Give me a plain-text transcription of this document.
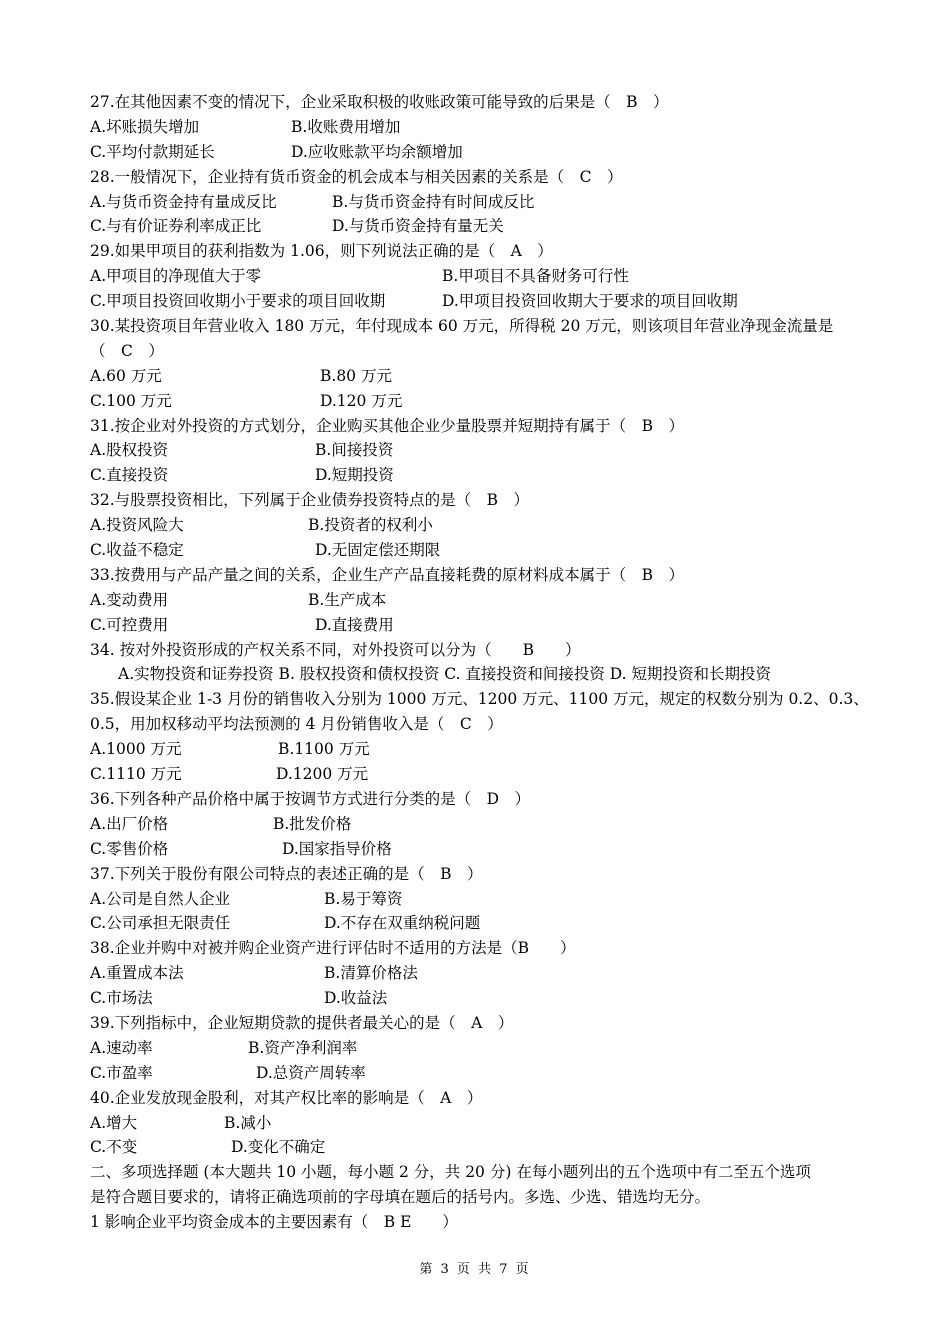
27.在其他因素不变的情况下，企业采取积极的收账政策可能导致的后果是（　B　）
A.坏账损失增加	B.收账费用增加
C.平均付款期延长	D.应收账款平均余额增加
28.一般情况下，企业持有货币资金的机会成本与相关因素的关系是（　C　）
A.与货币资金持有量成反比	B.与货币资金持有时间成反比
C.与有价证券利率成正比	D.与货币资金持有量无关
29.如果甲项目的获利指数为 1.06，则下列说法正确的是（　A　）
A.甲项目的净现值大于零	B.甲项目不具备财务可行性
C.甲项目投资回收期小于要求的项目回收期	D.甲项目投资回收期大于要求的项目回收期
30.某投资项目年营业收入 180 万元，年付现成本 60 万元，所得税 20 万元，则该项目年营业净现金流量是
（　C　）
A.60 万元	B.80 万元
C.100 万元	D.120 万元
31.按企业对外投资的方式划分，企业购买其他企业少量股票并短期持有属于（　B　）
A.股权投资	B.间接投资
C.直接投资	D.短期投资
32.与股票投资相比，下列属于企业债券投资特点的是（　B　）
A.投资风险大	B.投资者的权利小
C.收益不稳定	D.无固定偿还期限
33.按费用与产品产量之间的关系，企业生产产品直接耗费的原材料成本属于（　B　）
A.变动费用	B.生产成本
C.可控费用	D.直接费用
34. 按对外投资形成的产权关系不同，对外投资可以分为（　　B　　）
A.实物投资和证券投资 B. 股权投资和债权投资 C. 直接投资和间接投资 D. 短期投资和长期投资
35.假设某企业 1-3 月份的销售收入分别为 1000 万元、1200 万元、1100 万元，规定的权数分别为 0.2、0.3、
0.5，用加权移动平均法预测的 4 月份销售收入是（　C　）
A.1000 万元	B.1100 万元
C.1110 万元	D.1200 万元
36.下列各种产品价格中属于按调节方式进行分类的是（　D　）
A.出厂价格	B.批发价格
C.零售价格	D.国家指导价格
37.下列关于股份有限公司特点的表述正确的是（　B　）
A.公司是自然人企业	B.易于筹资
C.公司承担无限责任	D.不存在双重纳税问题
38.企业并购中对被并购企业资产进行评估时不适用的方法是（B　　）
A.重置成本法	B.清算价格法
C.市场法	D.收益法
39.下列指标中，企业短期贷款的提供者最关心的是（　A　）
A.速动率	B.资产净利润率
C.市盈率	D.总资产周转率
40.企业发放现金股利，对其产权比率的影响是（　A　）
A.增大	B.减小
C.不变	D.变化不确定
二、多项选择题 (本大题共 10 小题，每小题 2 分，共 20 分) 在每小题列出的五个选项中有二至五个选项
是符合题目要求的，请将正确选项前的字母填在题后的括号内。多选、少选、错选均无分。
1 影响企业平均资金成本的主要因素有（　B E　　）
第 3 页 共 7 页
